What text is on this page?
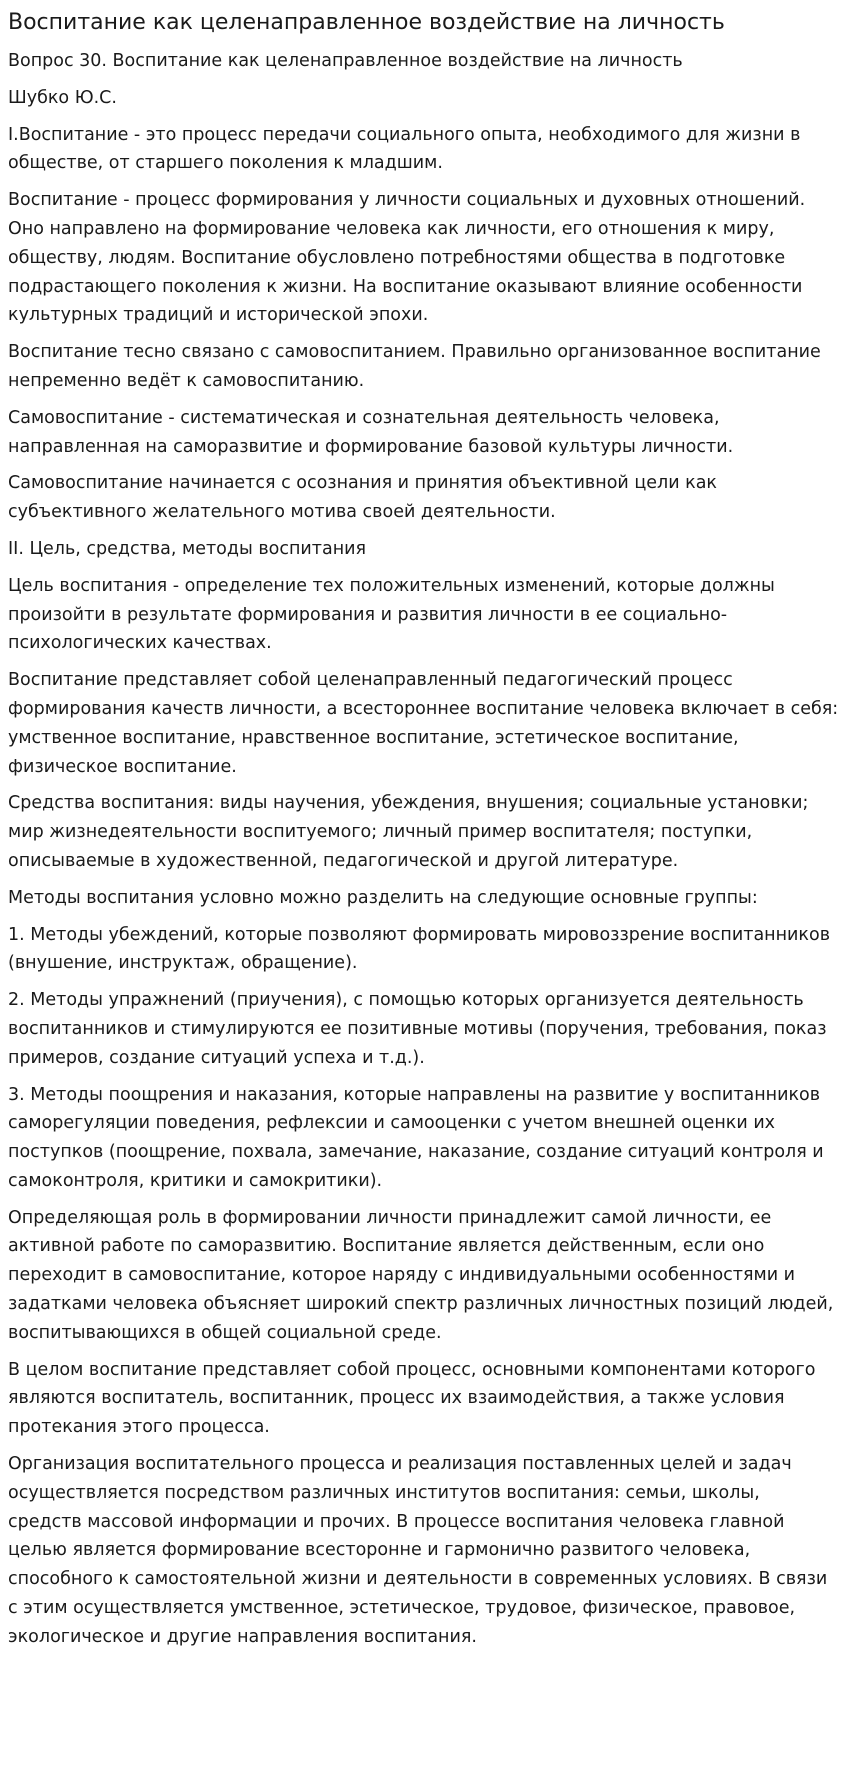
Воспитание как целенаправленное воздействие на личность

Вопрос 30. Воспитание как целенаправленное воздействие на личность

Шубко Ю.С.

I.Воспитание - это процесс передачи социального опыта, необходимого для жизни в обществе, от старшего поколения к младшим.

Воспитание - процесс формирования у личности социальных и духовных отношений. Оно направлено на формирование человека как личности, его отношения к миру, обществу, людям. Воспитание обусловлено потребностями общества в подготовке подрастающего поколения к жизни. На воспитание оказывают влияние особенности культурных традиций и исторической эпохи.

Воспитание тесно связано с самовоспитанием. Правильно организованное воспитание непременно ведёт к самовоспитанию.

Самовоспитание - систематическая и сознательная деятельность человека, направленная на саморазвитие и формирование базовой культуры личности.

Самовоспитание начинается с осознания и принятия объективной цели как субъективного желательного мотива своей деятельности.

II. Цель, средства, методы воспитания

Цель воспитания - определение тех положительных изменений, которые должны произойти в результате формирования и развития личности в ее социально-психологических качествах.

Воспитание представляет собой целенаправленный педагогический процесс формирования качеств личности, а всестороннее воспитание человека включает в себя: умственное воспитание, нравственное воспитание, эстетическое воспитание, физическое воспитание.

Средства воспитания: виды научения, убеждения, внушения; социальные установки; мир жизнедеятельности воспитуемого; личный пример воспитателя; поступки, описываемые в художественной, педагогической и другой литературе.

Методы воспитания условно можно разделить на следующие основные группы:

1. Методы убеждений, которые позволяют формировать мировоззрение воспитанников (внушение, инструктаж, обращение).

2. Методы упражнений (приучения), с помощью которых организуется деятельность воспитанников и стимулируются ее позитивные мотивы (поручения, требования, показ примеров, создание ситуаций успеха и т.д.).

3. Методы поощрения и наказания, которые направлены на развитие у воспитанников саморегуляции поведения, рефлексии и самооценки с учетом внешней оценки их поступков (поощрение, похвала, замечание, наказание, создание ситуаций контроля и самоконтроля, критики и самокритики).

Определяющая роль в формировании личности принадлежит самой личности, ее активной работе по саморазвитию. Воспитание является действенным, если оно переходит в самовоспитание, которое наряду с индивидуальными особенностями и задатками человека объясняет широкий спектр различных личностных позиций людей, воспитывающихся в общей социальной среде.

В целом воспитание представляет собой процесс, основными компонентами которого являются воспитатель, воспитанник, процесс их взаимодействия, а также условия протекания этого процесса.

Организация воспитательного процесса и реализация поставленных целей и задач осуществляется посредством различных институтов воспитания: семьи, школы, средств массовой информации и прочих. В процессе воспитания человека главной целью является формирование всесторонне и гармонично развитого человека, способного к самостоятельной жизни и деятельности в современных условиях. В связи с этим осуществляется умственное, эстетическое, трудовое, физическое, правовое, экологическое и другие направления воспитания.
